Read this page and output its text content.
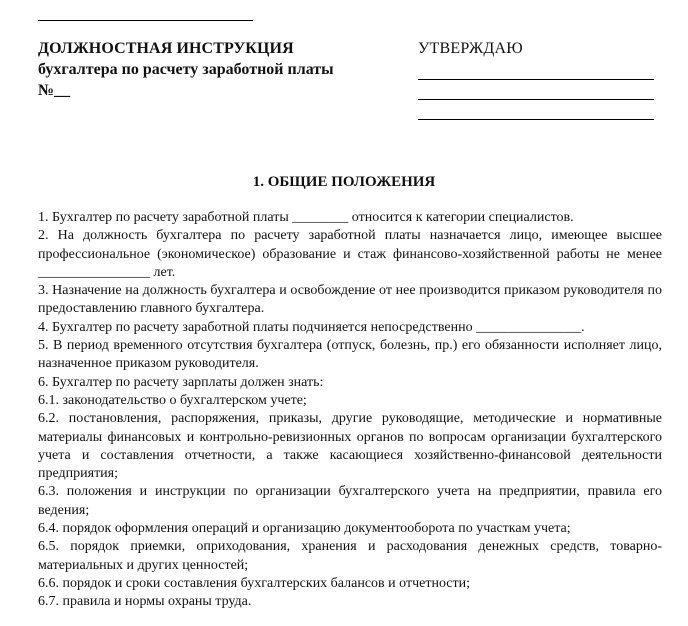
ДОЛЖНОСТНАЯ ИНСТРУКЦИЯ
бухгалтера по расчету заработной платы
№__
УТВЕРЖДАЮ
1. ОБЩИЕ ПОЛОЖЕНИЯ

1. Бухгалтер по расчету заработной платы ________ относится к категории специалистов.

2. На должность бухгалтера по расчету заработной платы назначается лицо, имеющее высшее профессиональное (экономическое) образование и стаж финансово-хозяйственной работы не менее ________________ лет.

3. Назначение на должность бухгалтера и освобождение от нее производится приказом руководителя по предоставлению главного бухгалтера.

4. Бухгалтер по расчету заработной платы подчиняется непосредственно _______________.

5. В период временного отсутствия бухгалтера (отпуск, болезнь, пр.) его обязанности исполняет лицо, назначенное приказом руководителя.

6. Бухгалтер по расчету зарплаты должен знать:

6.1. законодательство о бухгалтерском учете;

6.2. постановления, распоряжения, приказы, другие руководящие, методические и нормативные материалы финансовых и контрольно-ревизионных органов по вопросам организации бухгалтерского учета и составления отчетности, а также касающиеся хозяйственно-финансовой деятельности предприятия;

6.3. положения и инструкции по организации бухгалтерского учета на предприятии, правила его ведения;

6.4. порядок оформления операций и организацию документооборота по участкам учета;

6.5. порядок приемки, оприходования, хранения и расходования денежных средств, товарно-материальных и других ценностей;

6.6. порядок и сроки составления бухгалтерских балансов и отчетности;

6.7. правила и нормы охраны труда.
